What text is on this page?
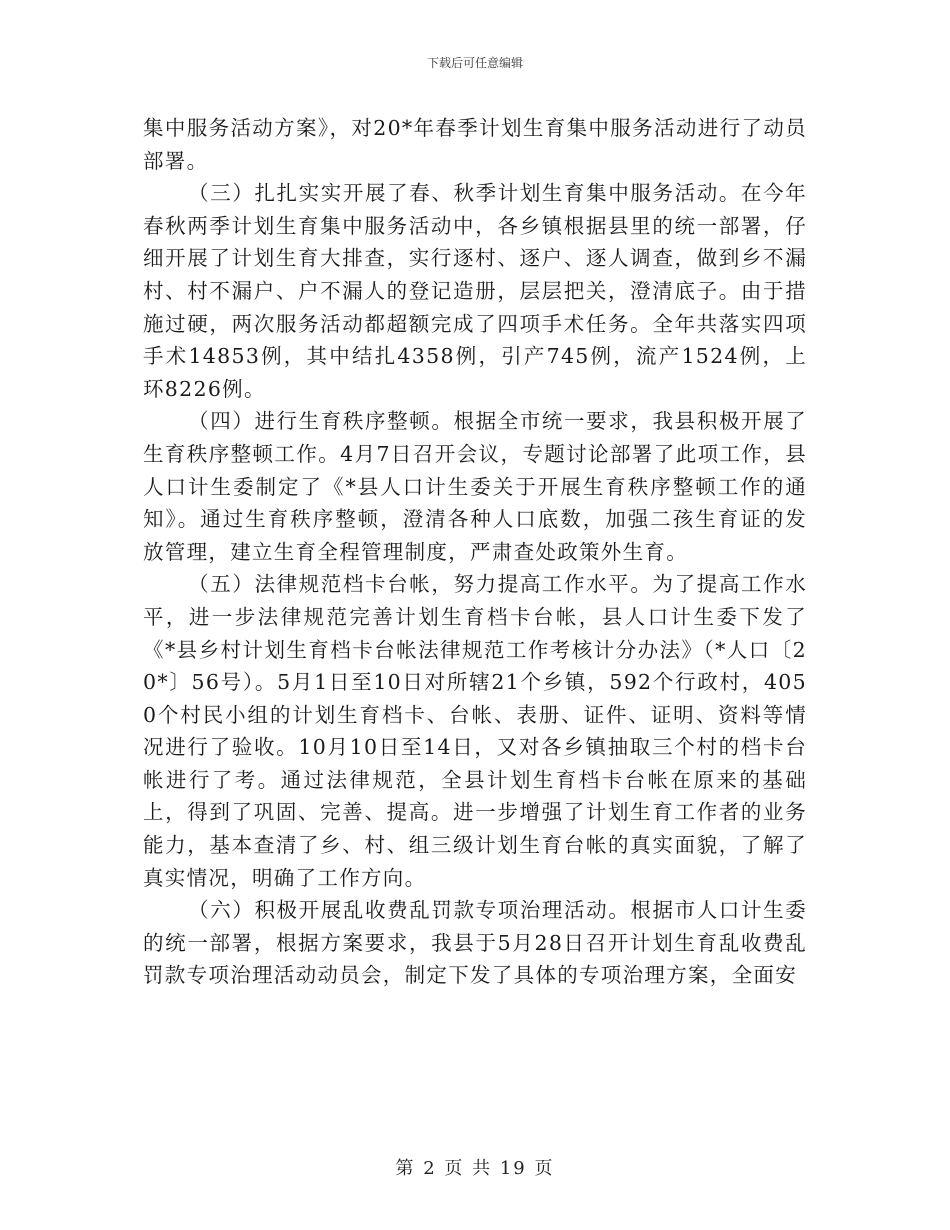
下载后可任意编辑

集中服务活动方案》，对20*年春季计划生育集中服务活动进行了动员部署。

（三）扎扎实实开展了春、秋季计划生育集中服务活动。在今年春秋两季计划生育集中服务活动中，各乡镇根据县里的统一部署，仔细开展了计划生育大排查，实行逐村、逐户、逐人调查，做到乡不漏村、村不漏户、户不漏人的登记造册，层层把关，澄清底子。由于措施过硬，两次服务活动都超额完成了四项手术任务。全年共落实四项手术14853例，其中结扎4358例，引产745例，流产1524例，上环8226例。

（四）进行生育秩序整顿。根据全市统一要求，我县积极开展了生育秩序整顿工作。4月7日召开会议，专题讨论部署了此项工作，县人口计生委制定了《*县人口计生委关于开展生育秩序整顿工作的通知》。通过生育秩序整顿，澄清各种人口底数，加强二孩生育证的发放管理，建立生育全程管理制度，严肃查处政策外生育。

（五）法律规范档卡台帐，努力提高工作水平。为了提高工作水平，进一步法律规范完善计划生育档卡台帐，县人口计生委下发了《*县乡村计划生育档卡台帐法律规范工作考核计分办法》（*人口〔20*〕56号）。5月1日至10日对所辖21个乡镇，592个行政村，4050个村民小组的计划生育档卡、台帐、表册、证件、证明、资料等情况进行了验收。10月10日至14日，又对各乡镇抽取三个村的档卡台帐进行了考。通过法律规范，全县计划生育档卡台帐在原来的基础上，得到了巩固、完善、提高。进一步增强了计划生育工作者的业务能力，基本查清了乡、村、组三级计划生育台帐的真实面貌，了解了真实情况，明确了工作方向。

（六）积极开展乱收费乱罚款专项治理活动。根据市人口计生委的统一部署，根据方案要求，我县于5月28日召开计划生育乱收费乱罚款专项治理活动动员会，制定下发了具体的专项治理方案，全面安

第 2 页 共 19 页
